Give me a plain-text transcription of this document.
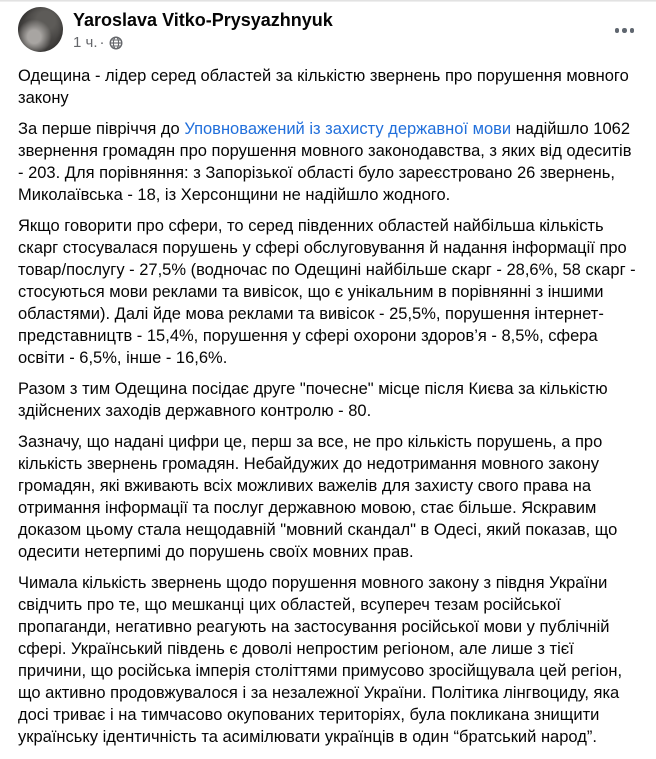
Yaroslava Vitko-Prysyazhnyuk
1 ч. ·

Одещина - лідер серед областей за кількістю звернень про порушення мовного закону

За перше півріччя до Уповноважений із захисту державної мови надійшло 1062 звернення громадян про порушення мовного законодавства, з яких від одеситів - 203. Для порівняння: з Запорізької області було зареєстровано 26 звернень, Миколаївська - 18, із Херсонщини не надійшло жодного.

Якщо говорити про сфери, то серед південних областей найбільша кількість скарг стосувалася порушень у сфері обслуговування й надання інформації про товар/послугу - 27,5% (водночас по Одещині найбільше скарг - 28,6%, 58 скарг - стосуються мови реклами та вивісок, що є унікальним в порівнянні з іншими областями). Далі йде мова реклами та вивісок - 25,5%, порушення інтернет-представництв - 15,4%, порушення у сфері охорони здоров’я - 8,5%, сфера освіти - 6,5%, інше - 16,6%.

Разом з тим Одещина посідає друге "почесне" місце після Києва за кількістю здійснених заходів державного контролю - 80.

Зазначу, що надані цифри це, перш за все, не про кількість порушень, а про кількість звернень громадян. Небайдужих до недотримання мовного закону громадян, які вживають всіх можливих важелів для захисту свого права на отримання інформації та послуг державною мовою, стає більше. Яскравим доказом цьому стала нещодавній "мовний скандал" в Одесі, який показав, що одесити нетерпимі до порушень своїх мовних прав.

Чимала кількість звернень щодо порушення мовного закону з півдня України свідчить про те, що мешканці цих областей, всупереч тезам російської пропаганди, негативно реагують на застосування російської мови у публічній сфері. Український південь є доволі непростим регіоном, але лише з тієї причини, що російська імперія століттями примусово зросійщувала цей регіон, що активно продовжувалося і за незалежної України. Політика лінгвоциду, яка досі триває і на тимчасово окупованих територіях, була покликана знищити українську ідентичність та асимілювати українців в один “братський народ”.
